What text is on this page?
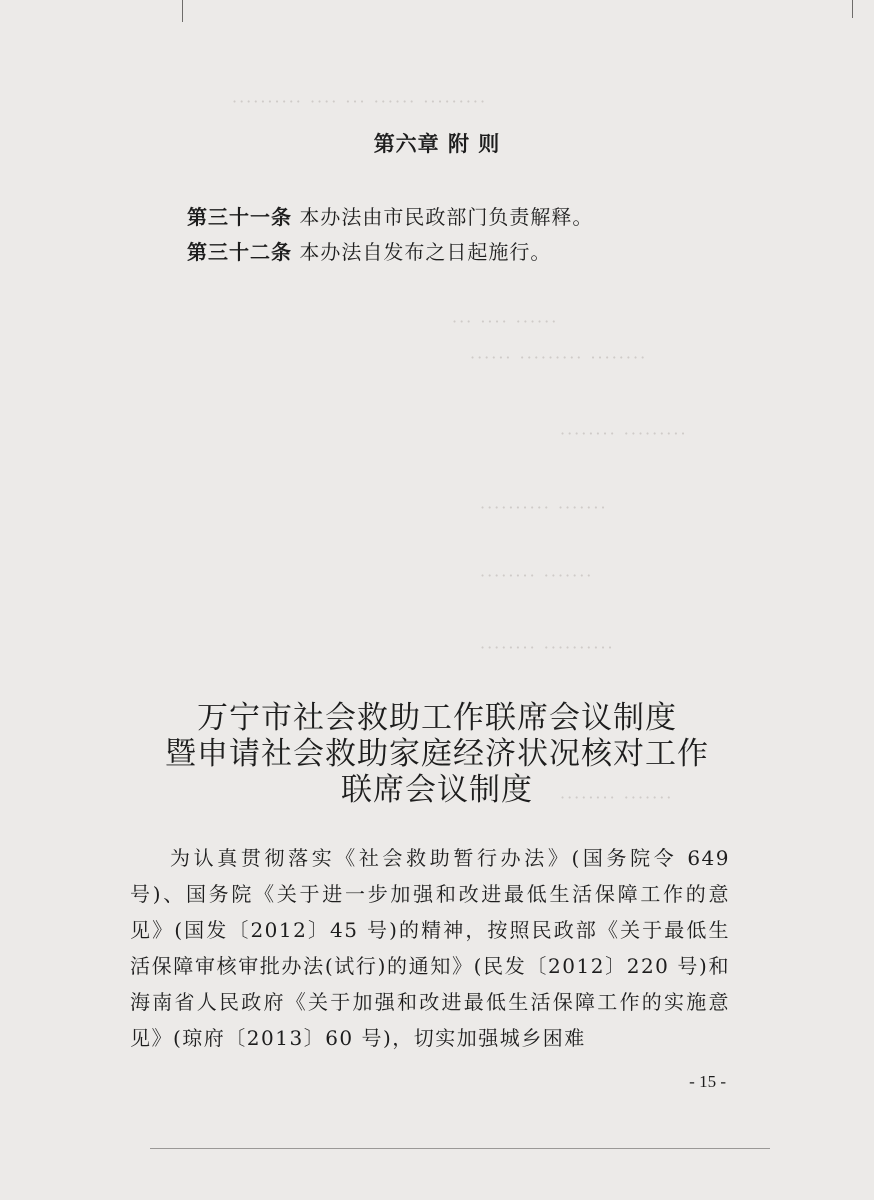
·········· ···· ··· ······ ·········
··· ···· ······
······ ········· ········
········ ·········
·········· ·······
········ ·······
········ ··········
········ ·······
第六章 附 则
第三十一条 本办法由市民政部门负责解释。
第三十二条 本办法自发布之日起施行。
万宁市社会救助工作联席会议制度
暨申请社会救助家庭经济状况核对工作
联席会议制度
为认真贯彻落实《社会救助暂行办法》(国务院令 649号)、国务院《关于进一步加强和改进最低生活保障工作的意见》(国发〔2012〕45 号)的精神，按照民政部《关于最低生活保障审核审批办法(试行)的通知》(民发〔2012〕220 号)和海南省人民政府《关于加强和改进最低生活保障工作的实施意见》(琼府〔2013〕60 号)，切实加强城乡困难
- 15 -
